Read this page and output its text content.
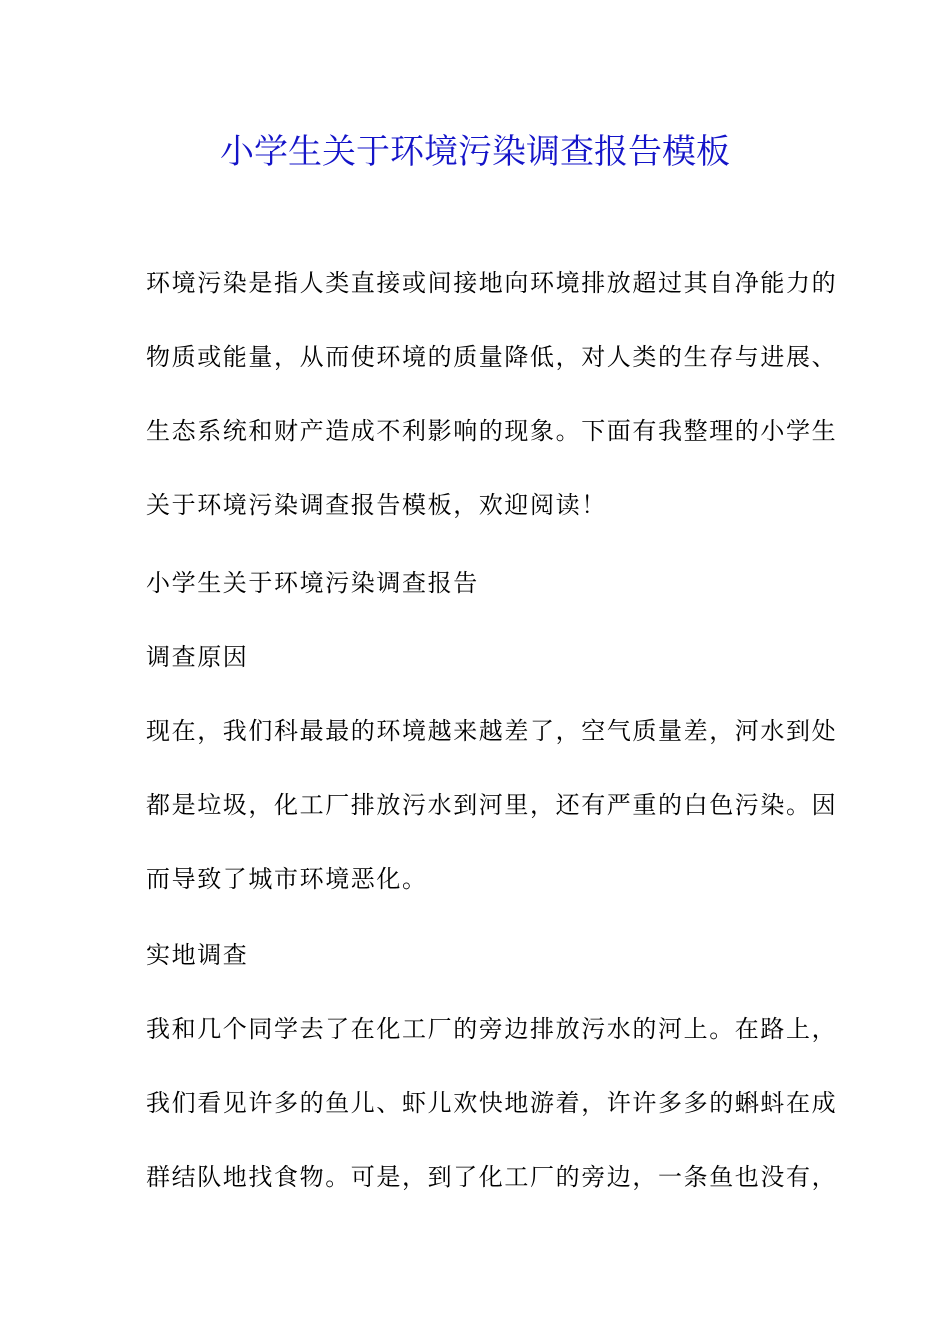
小学生关于环境污染调查报告模板
环境污染是指人类直接或间接地向环境排放超过其自净能力的
物质或能量，从而使环境的质量降低，对人类的生存与进展、
生态系统和财产造成不利影响的现象。下面有我整理的小学生
关于环境污染调查报告模板，欢迎阅读！
小学生关于环境污染调查报告
调查原因
现在，我们科最最的环境越来越差了，空气质量差，河水到处
都是垃圾，化工厂排放污水到河里，还有严重的白色污染。因
而导致了城市环境恶化。
实地调查
我和几个同学去了在化工厂的旁边排放污水的河上。在路上，
我们看见许多的鱼儿、虾儿欢快地游着，许许多多的蝌蚪在成
群结队地找食物。可是，到了化工厂的旁边，一条鱼也没有，
